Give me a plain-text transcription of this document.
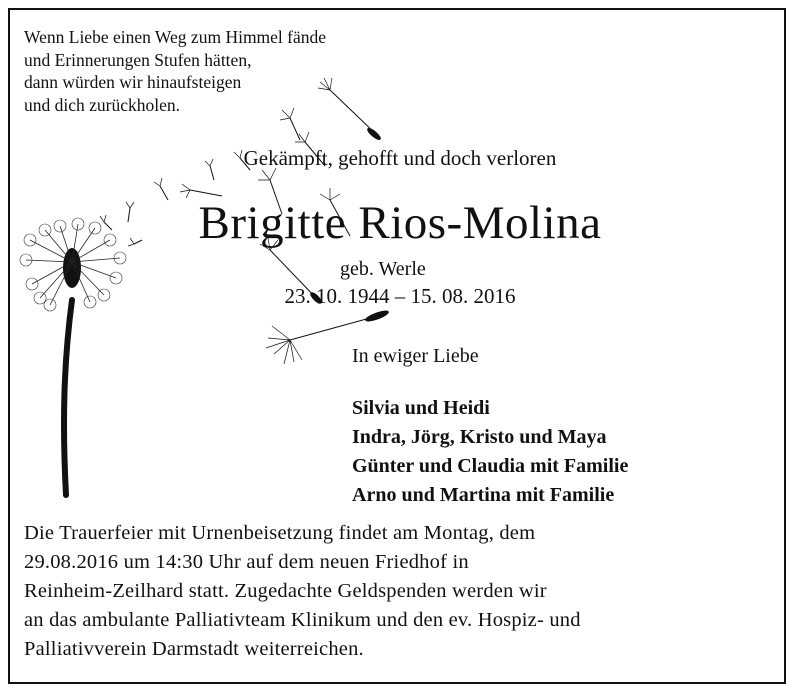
Wenn Liebe einen Weg zum Himmel fände
und Erinnerungen Stufen hätten,
dann würden wir hinaufsteigen
und dich zurückholen.
Gekämpft, gehofft und doch verloren
Brigitte Rios-Molina
geb. Werle
23. 10. 1944 – 15. 08. 2016
In ewiger Liebe
Silvia und Heidi
Indra, Jörg, Kristo und Maya
Günter und Claudia mit Familie
Arno und Martina mit Familie
Die Trauerfeier mit Urnenbeisetzung findet am Montag, dem
29.08.2016 um 14:30 Uhr auf dem neuen Friedhof in
Reinheim-Zeilhard statt. Zugedachte Geldspenden werden wir
an das ambulante Palliativteam Klinikum und den ev. Hospiz- und
Palliativverein Darmstadt weiterreichen.
